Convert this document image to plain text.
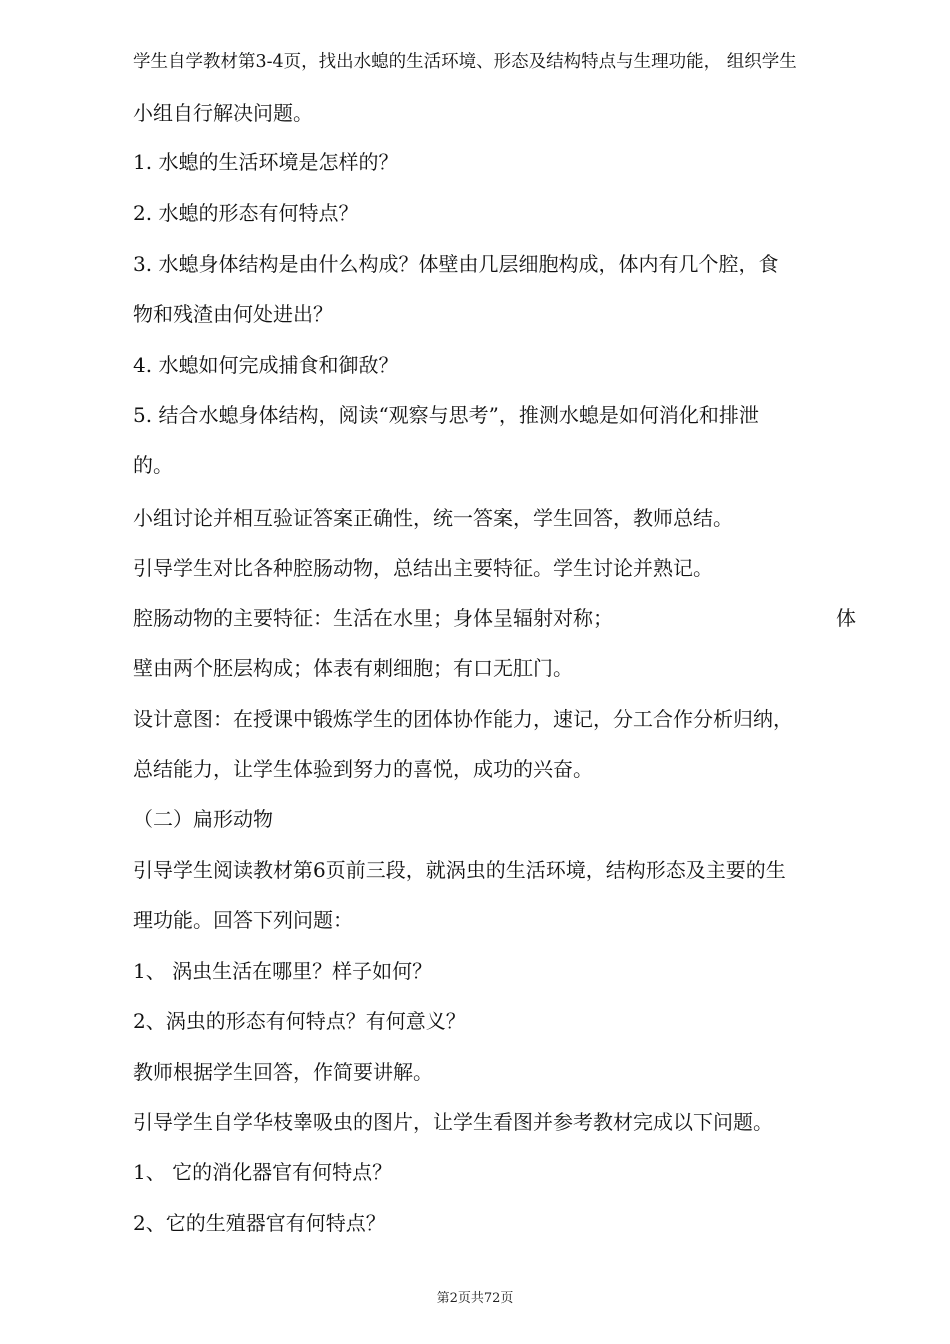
学生自学教材第3-4页，找出水螅的生活环境、形态及结构特点与生理功能， 组织学生
小组自行解决问题。
1. 水螅的生活环境是怎样的？
2. 水螅的形态有何特点？
3. 水螅身体结构是由什么构成？体壁由几层细胞构成，体内有几个腔，食
物和残渣由何处进出？
4. 水螅如何完成捕食和御敌？
5. 结合水螅身体结构，阅读“观察与思考”，推测水螅是如何消化和排泄
的。
小组讨论并相互验证答案正确性，统一答案，学生回答，教师总结。
引导学生对比各种腔肠动物，总结出主要特征。学生讨论并熟记。
腔肠动物的主要特征：生活在水里；身体呈辐射对称；	体
壁由两个胚层构成；体表有刺细胞；有口无肛门。
设计意图：在授课中锻炼学生的团体协作能力，速记，分工合作分析归纳，
总结能力，让学生体验到努力的喜悦，成功的兴奋。
（二）扁形动物
引导学生阅读教材第6页前三段，就涡虫的生活环境，结构形态及主要的生
理功能。回答下列问题：
1、 涡虫生活在哪里？样子如何？
2、涡虫的形态有何特点？有何意义？
教师根据学生回答，作简要讲解。
引导学生自学华枝睾吸虫的图片，让学生看图并参考教材完成以下问题。
1、 它的消化器官有何特点？
2、它的生殖器官有何特点？
第2页共72页
